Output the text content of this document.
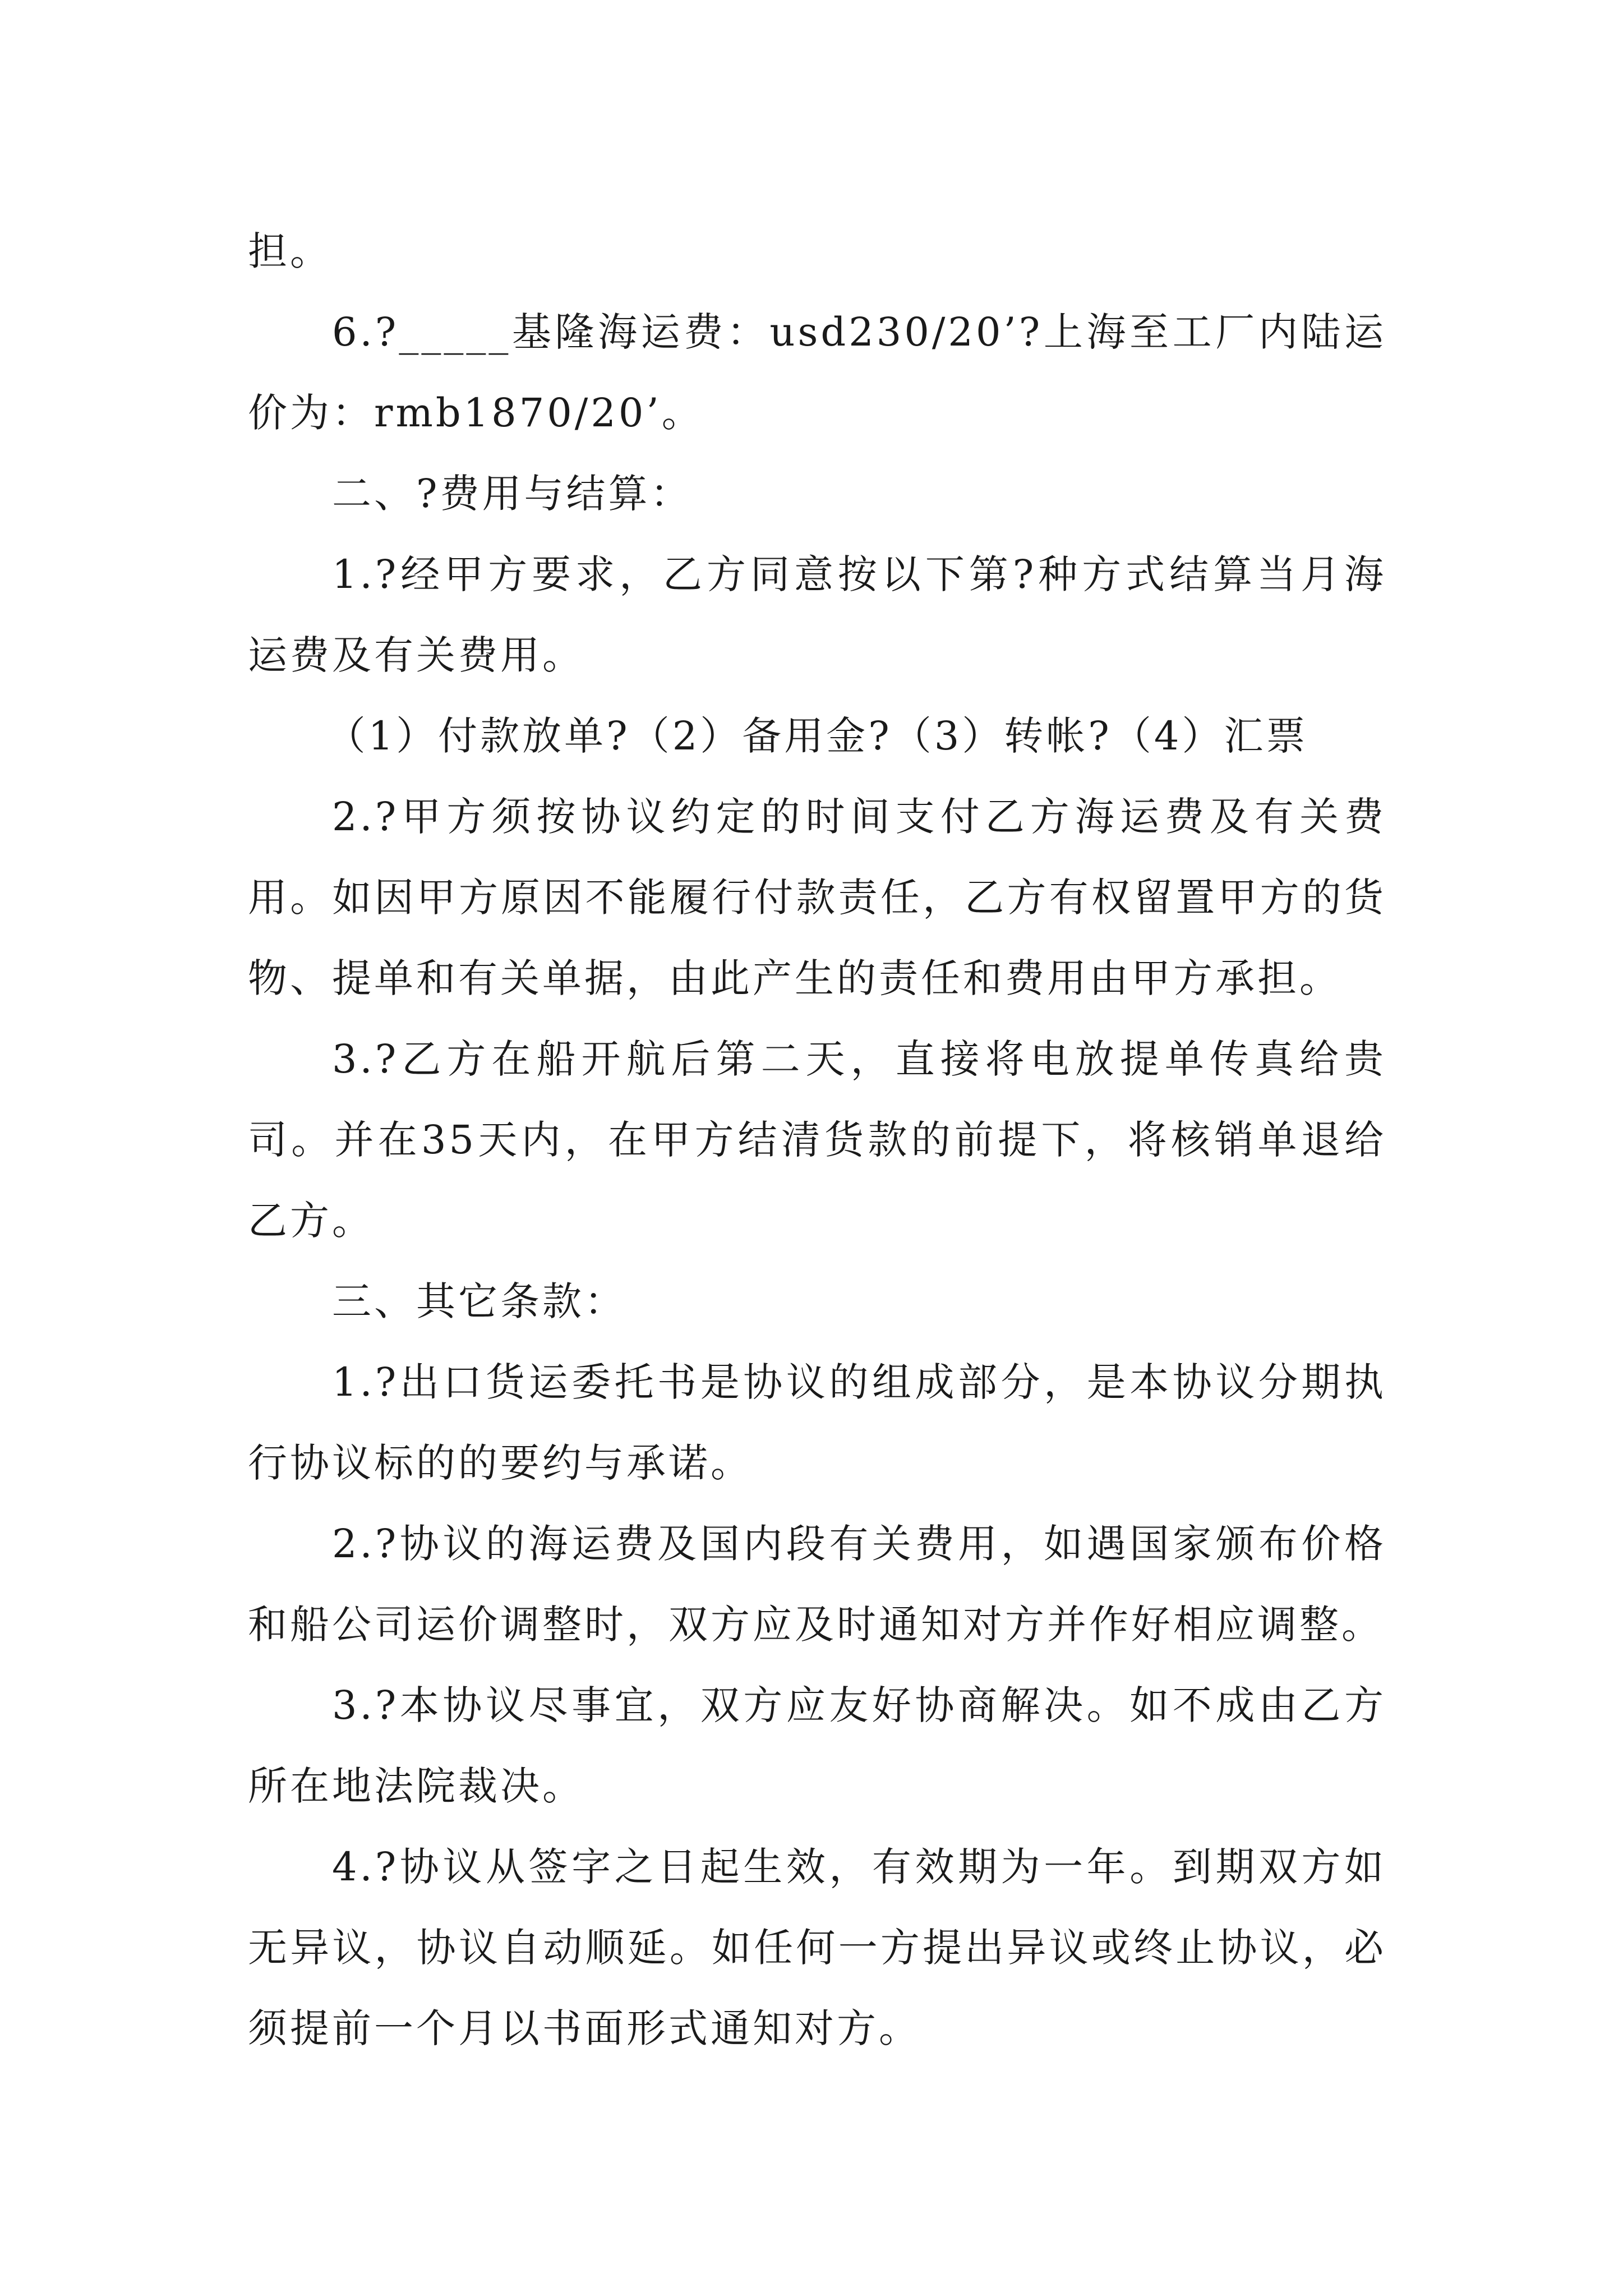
担。

6.?_____基隆海运费：usd230/20’?上海至工厂内陆运价为：rmb1870/20’。

二、?费用与结算：

1.?经甲方要求，乙方同意按以下第?种方式结算当月海运费及有关费用。

（1）付款放单?（2）备用金?（3）转帐?（4）汇票

2.?甲方须按协议约定的时间支付乙方海运费及有关费用。如因甲方原因不能履行付款责任，乙方有权留置甲方的货物、提单和有关单据，由此产生的责任和费用由甲方承担。

3.?乙方在船开航后第二天，直接将电放提单传真给贵司。并在35天内，在甲方结清货款的前提下，将核销单退给乙方。

三、其它条款：

1.?出口货运委托书是协议的组成部分，是本协议分期执行协议标的的要约与承诺。

2.?协议的海运费及国内段有关费用，如遇国家颁布价格和船公司运价调整时，双方应及时通知对方并作好相应调整。

3.?本协议尽事宜，双方应友好协商解决。如不成由乙方所在地法院裁决。

4.?协议从签字之日起生效，有效期为一年。到期双方如无异议，协议自动顺延。如任何一方提出异议或终止协议，必须提前一个月以书面形式通知对方。
